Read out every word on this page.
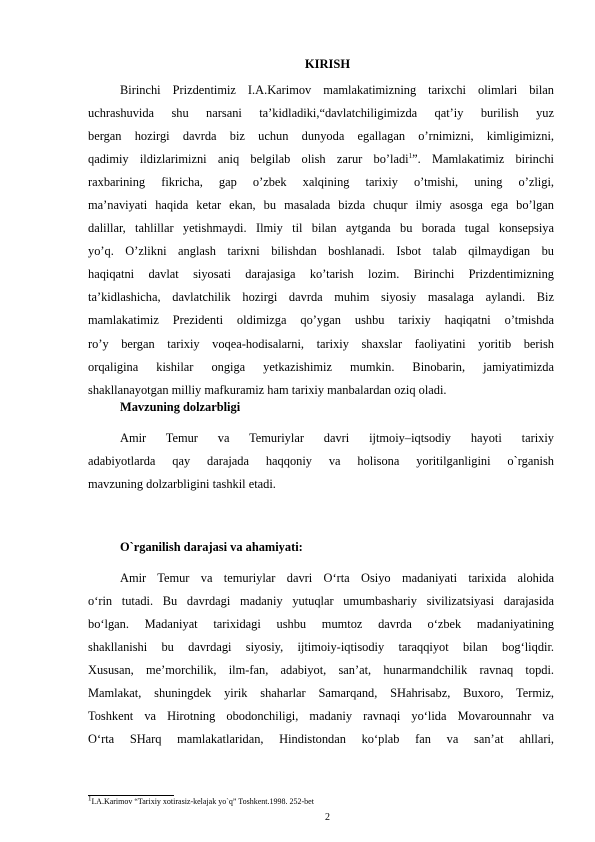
KIRISH
Birinchi Prizdentimiz I.A.Karimov mamlakatimizning tarixchi olimlari bilan
uchrashuvida shu narsani ta’kidladiki,“davlatchiligimizda qat’iy burilish yuz
bergan hozirgi davrda biz uchun dunyoda egallagan o’rnimizni, kimligimizni,
qadimiy ildizlarimizni aniq belgilab olish zarur bo’ladi$^1$”. Mamlakatimiz birinchi
raxbarining fikricha, gap o’zbek xalqining tarixiy o’tmishi, uning o’zligi,
ma’naviyati haqida ketar ekan, bu masalada bizda chuqur ilmiy asosga ega bo’lgan
dalillar, tahlillar yetishmaydi. Ilmiy til bilan aytganda bu borada tugal konsepsiya
yo’q. O’zlikni anglash tarixni bilishdan boshlanadi. Isbot talab qilmaydigan bu
haqiqatni davlat siyosati darajasiga ko’tarish lozim. Birinchi Prizdentimizning
ta’kidlashicha, davlatchilik hozirgi davrda muhim siyosiy masalaga aylandi. Biz
mamlakatimiz Prezidenti oldimizga qo’ygan ushbu tarixiy haqiqatni o’tmishda
ro’y bergan tarixiy voqea-hodisalarni, tarixiy shaxslar faoliyatini yoritib berish
orqaligina kishilar ongiga yetkazishimiz mumkin. Binobarin, jamiyatimizda
shakllanayotgan milliy mafkuramiz ham tarixiy manbalardan oziq oladi.
Mavzuning dolzarbligi
Amir Temur va Temuriylar davri ijtmoiy–iqtsodiy hayoti tarixiy
adabiyotlarda qay darajada haqqoniy va holisona yoritilganligini o`rganish
mavzuning dolzarbligini tashkil etadi.
O`rganilish darajasi va ahamiyati:
Amir Temur va temuriylar davri O‘rta Osiyo madaniyati tarixida alohida
o‘rin tutadi. Bu davrdagi madaniy yutuqlar umumbashariy sivilizatsiyasi darajasida
bo‘lgan. Madaniyat tarixidagi ushbu mumtoz davrda o‘zbek madaniyatining
shakllanishi bu davrdagi siyosiy, ijtimoiy-iqtisodiy taraqqiyot bilan bog‘liqdir.
Xususan, me’morchilik, ilm-fan, adabiyot, san’at, hunarmandchilik ravnaq topdi.
Mamlakat, shuningdek yirik shaharlar Samarqand, SHahrisabz, Buxoro, Termiz,
Toshkent va Hirotning obodonchiligi, madaniy ravnaqi yo‘lida Movarounnahr va
O‘rta SHarq mamlakatlaridan, Hindistondan ko‘plab fan va san’at ahllari,
$^1$I.A.Karimov “Tarixiy xotirasiz-kelajak yo`q” Toshkent.1998. 252-bet
2
